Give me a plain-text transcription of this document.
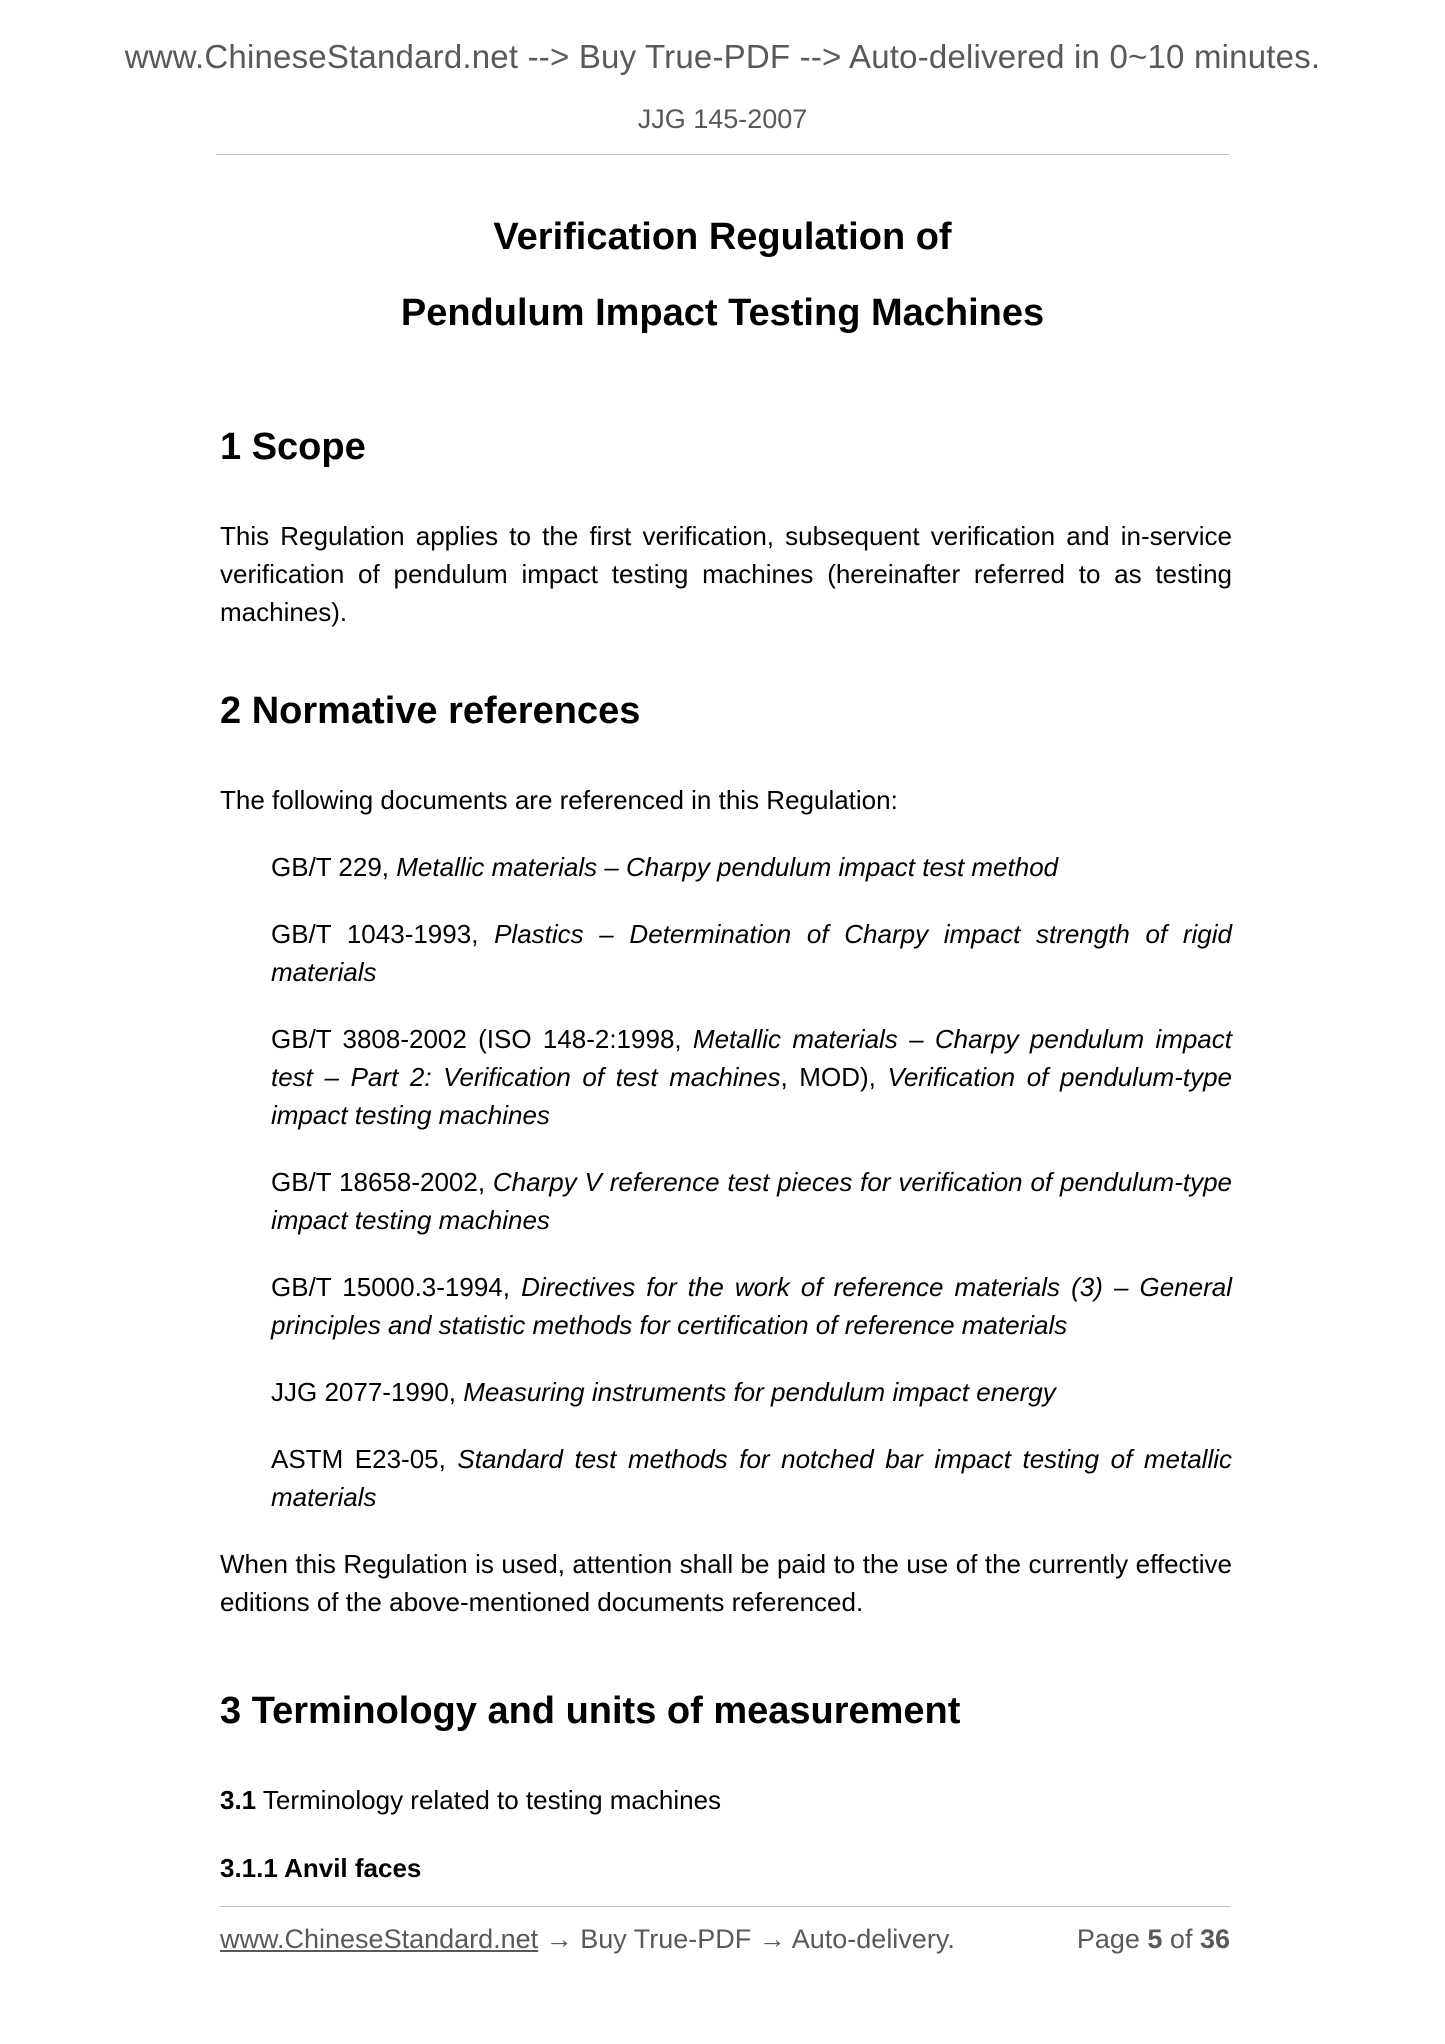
www.ChineseStandard.net --> Buy True-PDF --> Auto-delivered in 0~10 minutes.
JJG 145-2007
Verification Regulation of
Pendulum Impact Testing Machines
1 Scope
This Regulation applies to the first verification, subsequent verification and in-service verification of pendulum impact testing machines (hereinafter referred to as testing machines).
2 Normative references
The following documents are referenced in this Regulation:
GB/T 229, Metallic materials – Charpy pendulum impact test method
GB/T 1043-1993, Plastics – Determination of Charpy impact strength of rigid materials
GB/T 3808-2002 (ISO 148-2:1998, Metallic materials – Charpy pendulum impact test – Part 2: Verification of test machines, MOD), Verification of pendulum-type impact testing machines
GB/T 18658-2002, Charpy V reference test pieces for verification of pendulum-type impact testing machines
GB/T 15000.3-1994, Directives for the work of reference materials (3) – General principles and statistic methods for certification of reference materials
JJG 2077-1990, Measuring instruments for pendulum impact energy
ASTM E23-05, Standard test methods for notched bar impact testing of metallic materials
When this Regulation is used, attention shall be paid to the use of the currently effective editions of the above-mentioned documents referenced.
3 Terminology and units of measurement
3.1 Terminology related to testing machines
3.1.1 Anvil faces
www.ChineseStandard.net → Buy True-PDF → Auto-delivery.	Page 5 of 36
